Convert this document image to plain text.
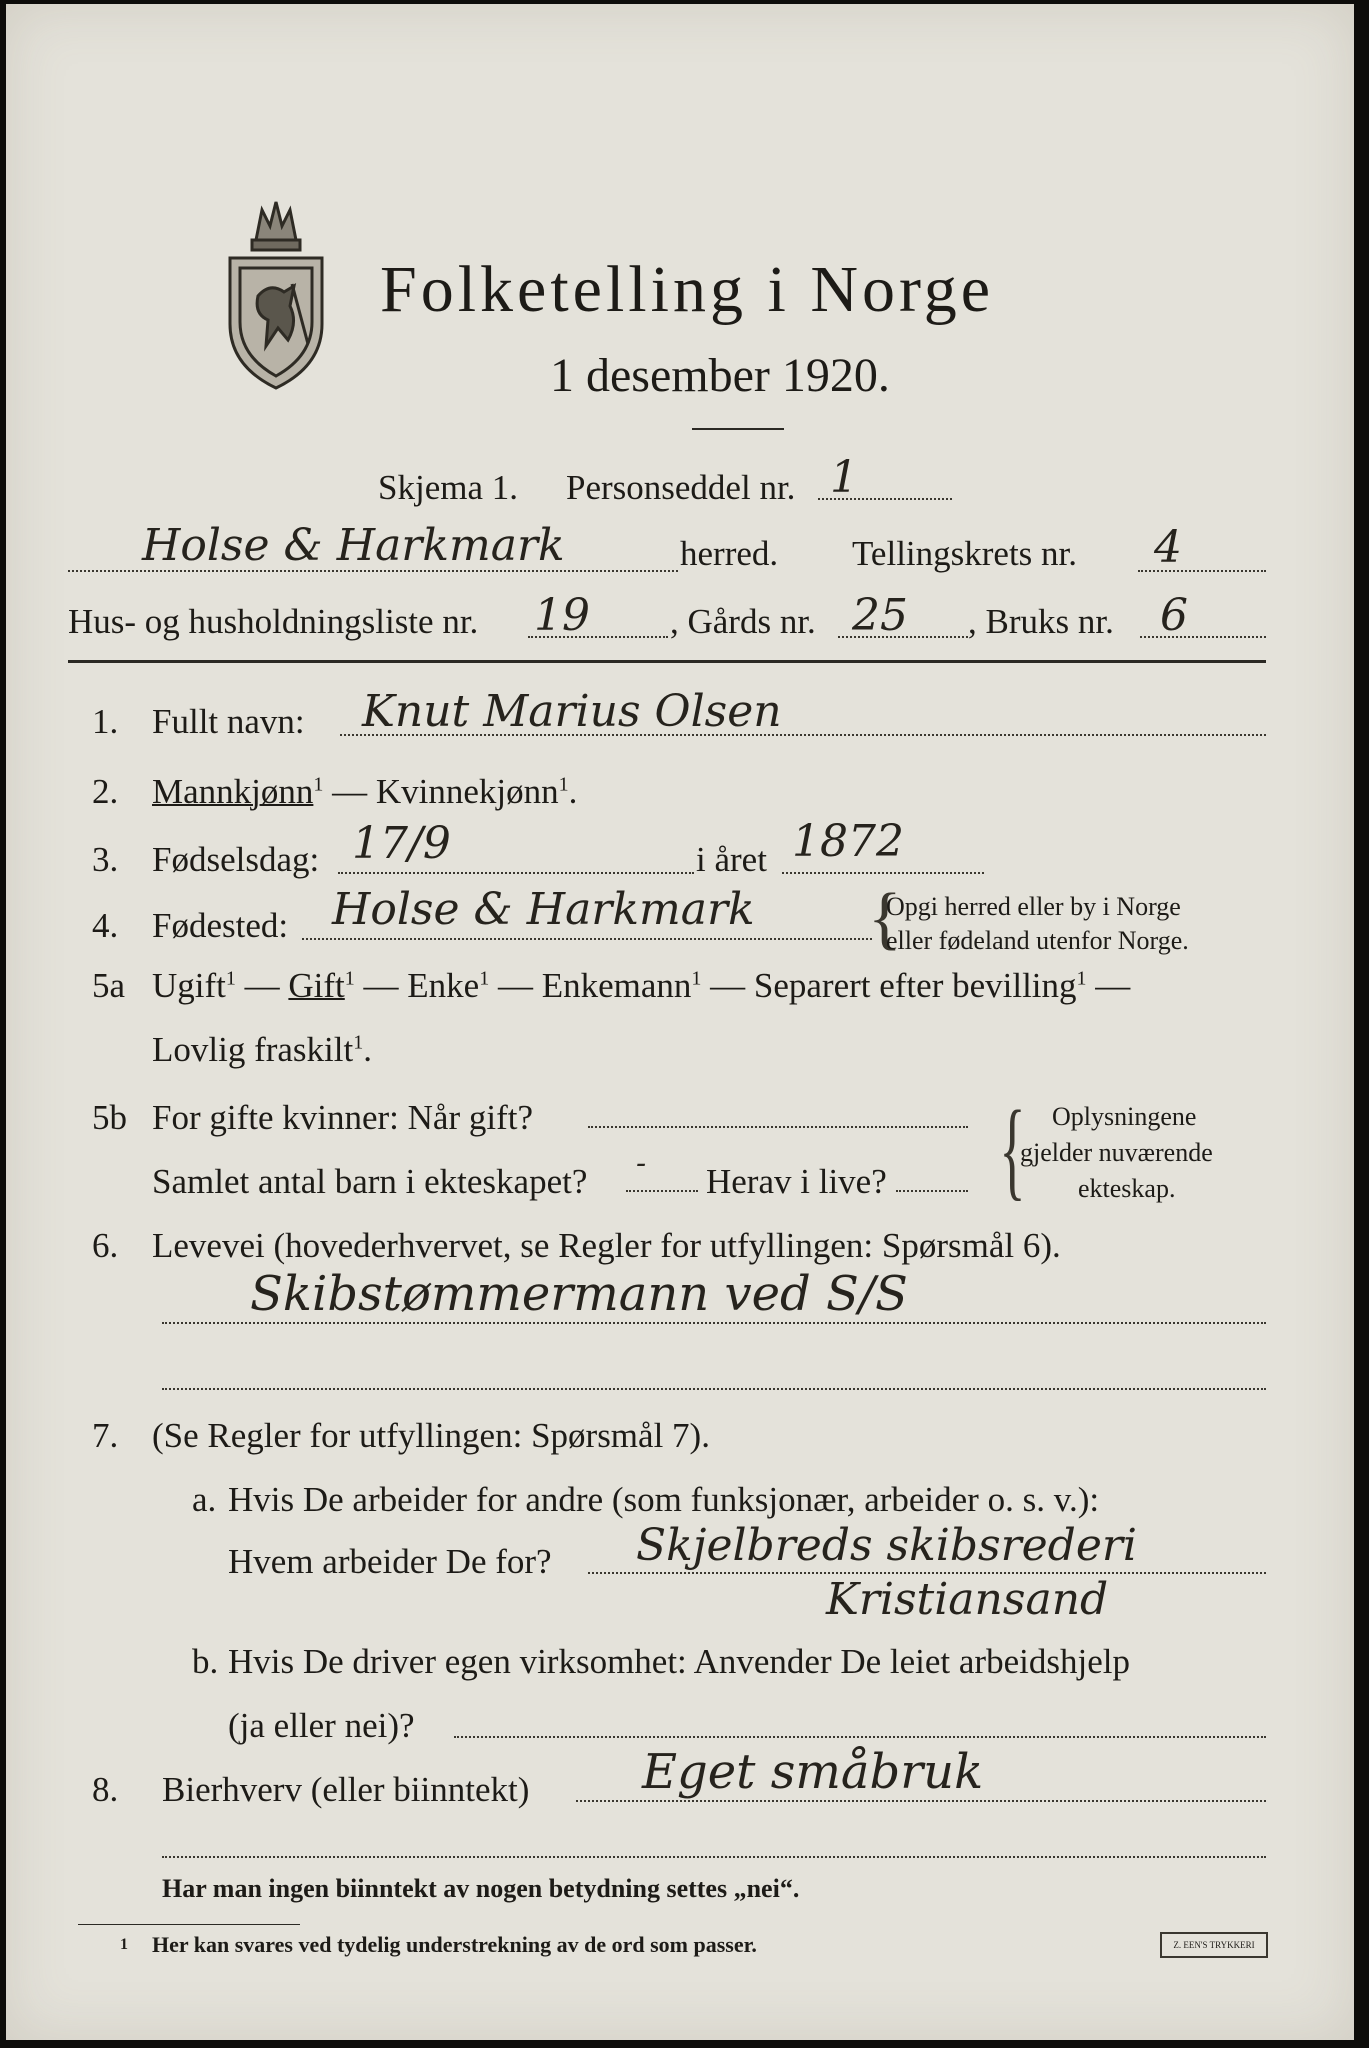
Folketelling i Norge
1 desember 1920.
Skjema 1. Personseddel nr. 1
Holse & Harkmark	herred. Tellingskrets nr. 4
Hus- og husholdningsliste nr. 19 , Gårds nr. 25 , Bruks nr. 6
1. Fullt navn: Knut Marius Olsen
2. Mannkjønn$^1$ — Kvinnekjønn$^1$.
3. Fødselsdag: 17/9	i året 1872
4. Fødested: Holse & Harkmark {
Opgi herred eller by i Norge
eller fødeland utenfor Norge.
5a Ugift$^1$ — Gift$^1$ — Enke$^1$ — Enkemann$^1$ — Separert efter bevilling$^1$ —
Lovlig fraskilt$^1$.
5b For gifte kvinner: Når gift?
Samlet antal barn i ekteskapet? - Herav i live? { Oplysningene
gjelder nuværende
ekteskap.
6. Levevei (hovederhvervet, se Regler for utfyllingen: Spørsmål 6).
Skibstømmermann ved S/S
7. (Se Regler for utfyllingen: Spørsmål 7).
a. Hvis De arbeider for andre (som funksjonær, arbeider o. s. v.):
Hvem arbeider De for? Skjelbreds skibsrederi
Kristiansand
b. Hvis De driver egen virksomhet: Anvender De leiet arbeidshjelp
(ja eller nei)?
8. Bierhverv (eller biinntekt) Eget småbruk
Har man ingen biinntekt av nogen betydning settes „nei“.
1 Her kan svares ved tydelig understrekning av de ord som passer.	Z. EEN'S TRYKKERI
